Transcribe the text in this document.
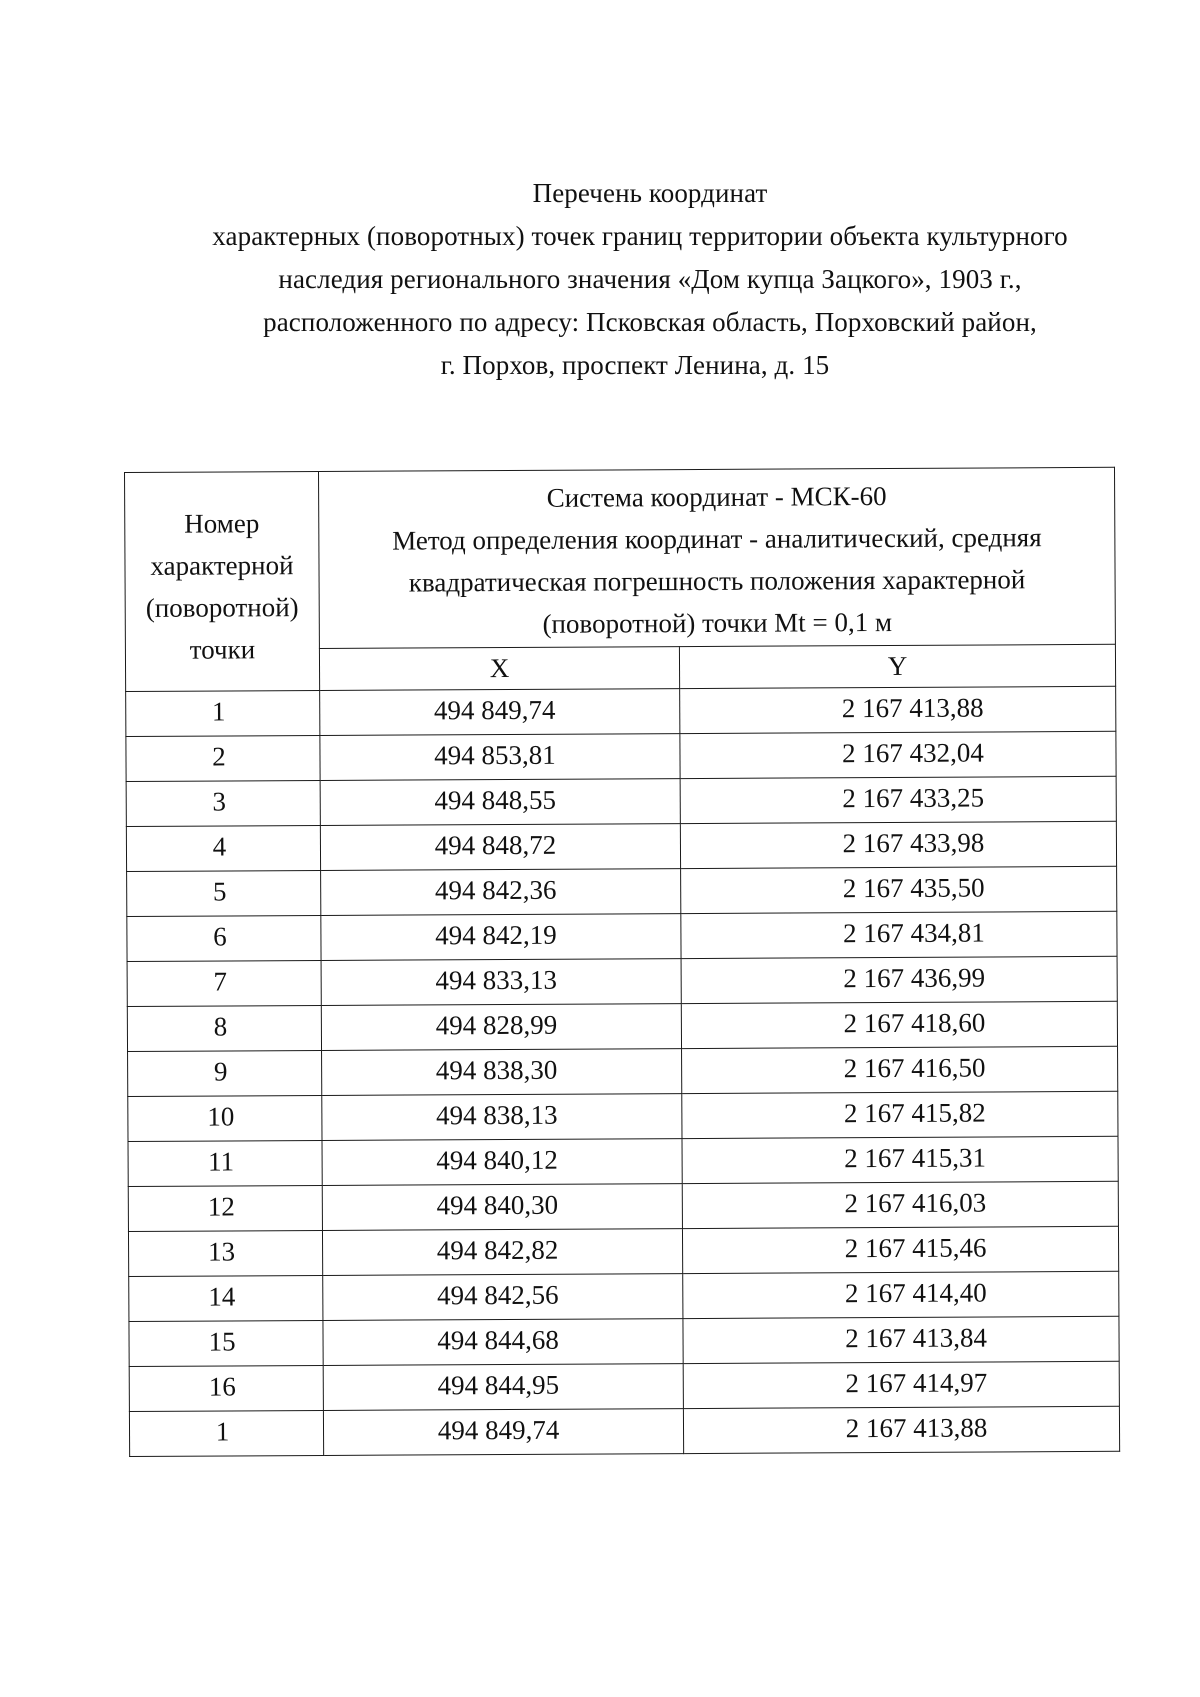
Перечень координат
характерных (поворотных) точек границ территории объекта культурного
наследия регионального значения «Дом купца Зацкого», 1903 г.,
расположенного по адресу: Псковская область, Порховский район,
г. Порхов, проспект Ленина, д. 15
Номер
характерной
(поворотной)
точки	Система координат - МСК-60
Метод определения координат - аналитический, средняя
квадратическая погрешность положения характерной
(поворотной) точки Mt = 0,1 м	

	X	Y
1	494 849,74	2 167 413,88
2	494 853,81	2 167 432,04
3	494 848,55	2 167 433,25
4	494 848,72	2 167 433,98
5	494 842,36	2 167 435,50
6	494 842,19	2 167 434,81
7	494 833,13	2 167 436,99
8	494 828,99	2 167 418,60
9	494 838,30	2 167 416,50
10	494 838,13	2 167 415,82
11	494 840,12	2 167 415,31
12	494 840,30	2 167 416,03
13	494 842,82	2 167 415,46
14	494 842,56	2 167 414,40
15	494 844,68	2 167 413,84
16	494 844,95	2 167 414,97
1	494 849,74	2 167 413,88
